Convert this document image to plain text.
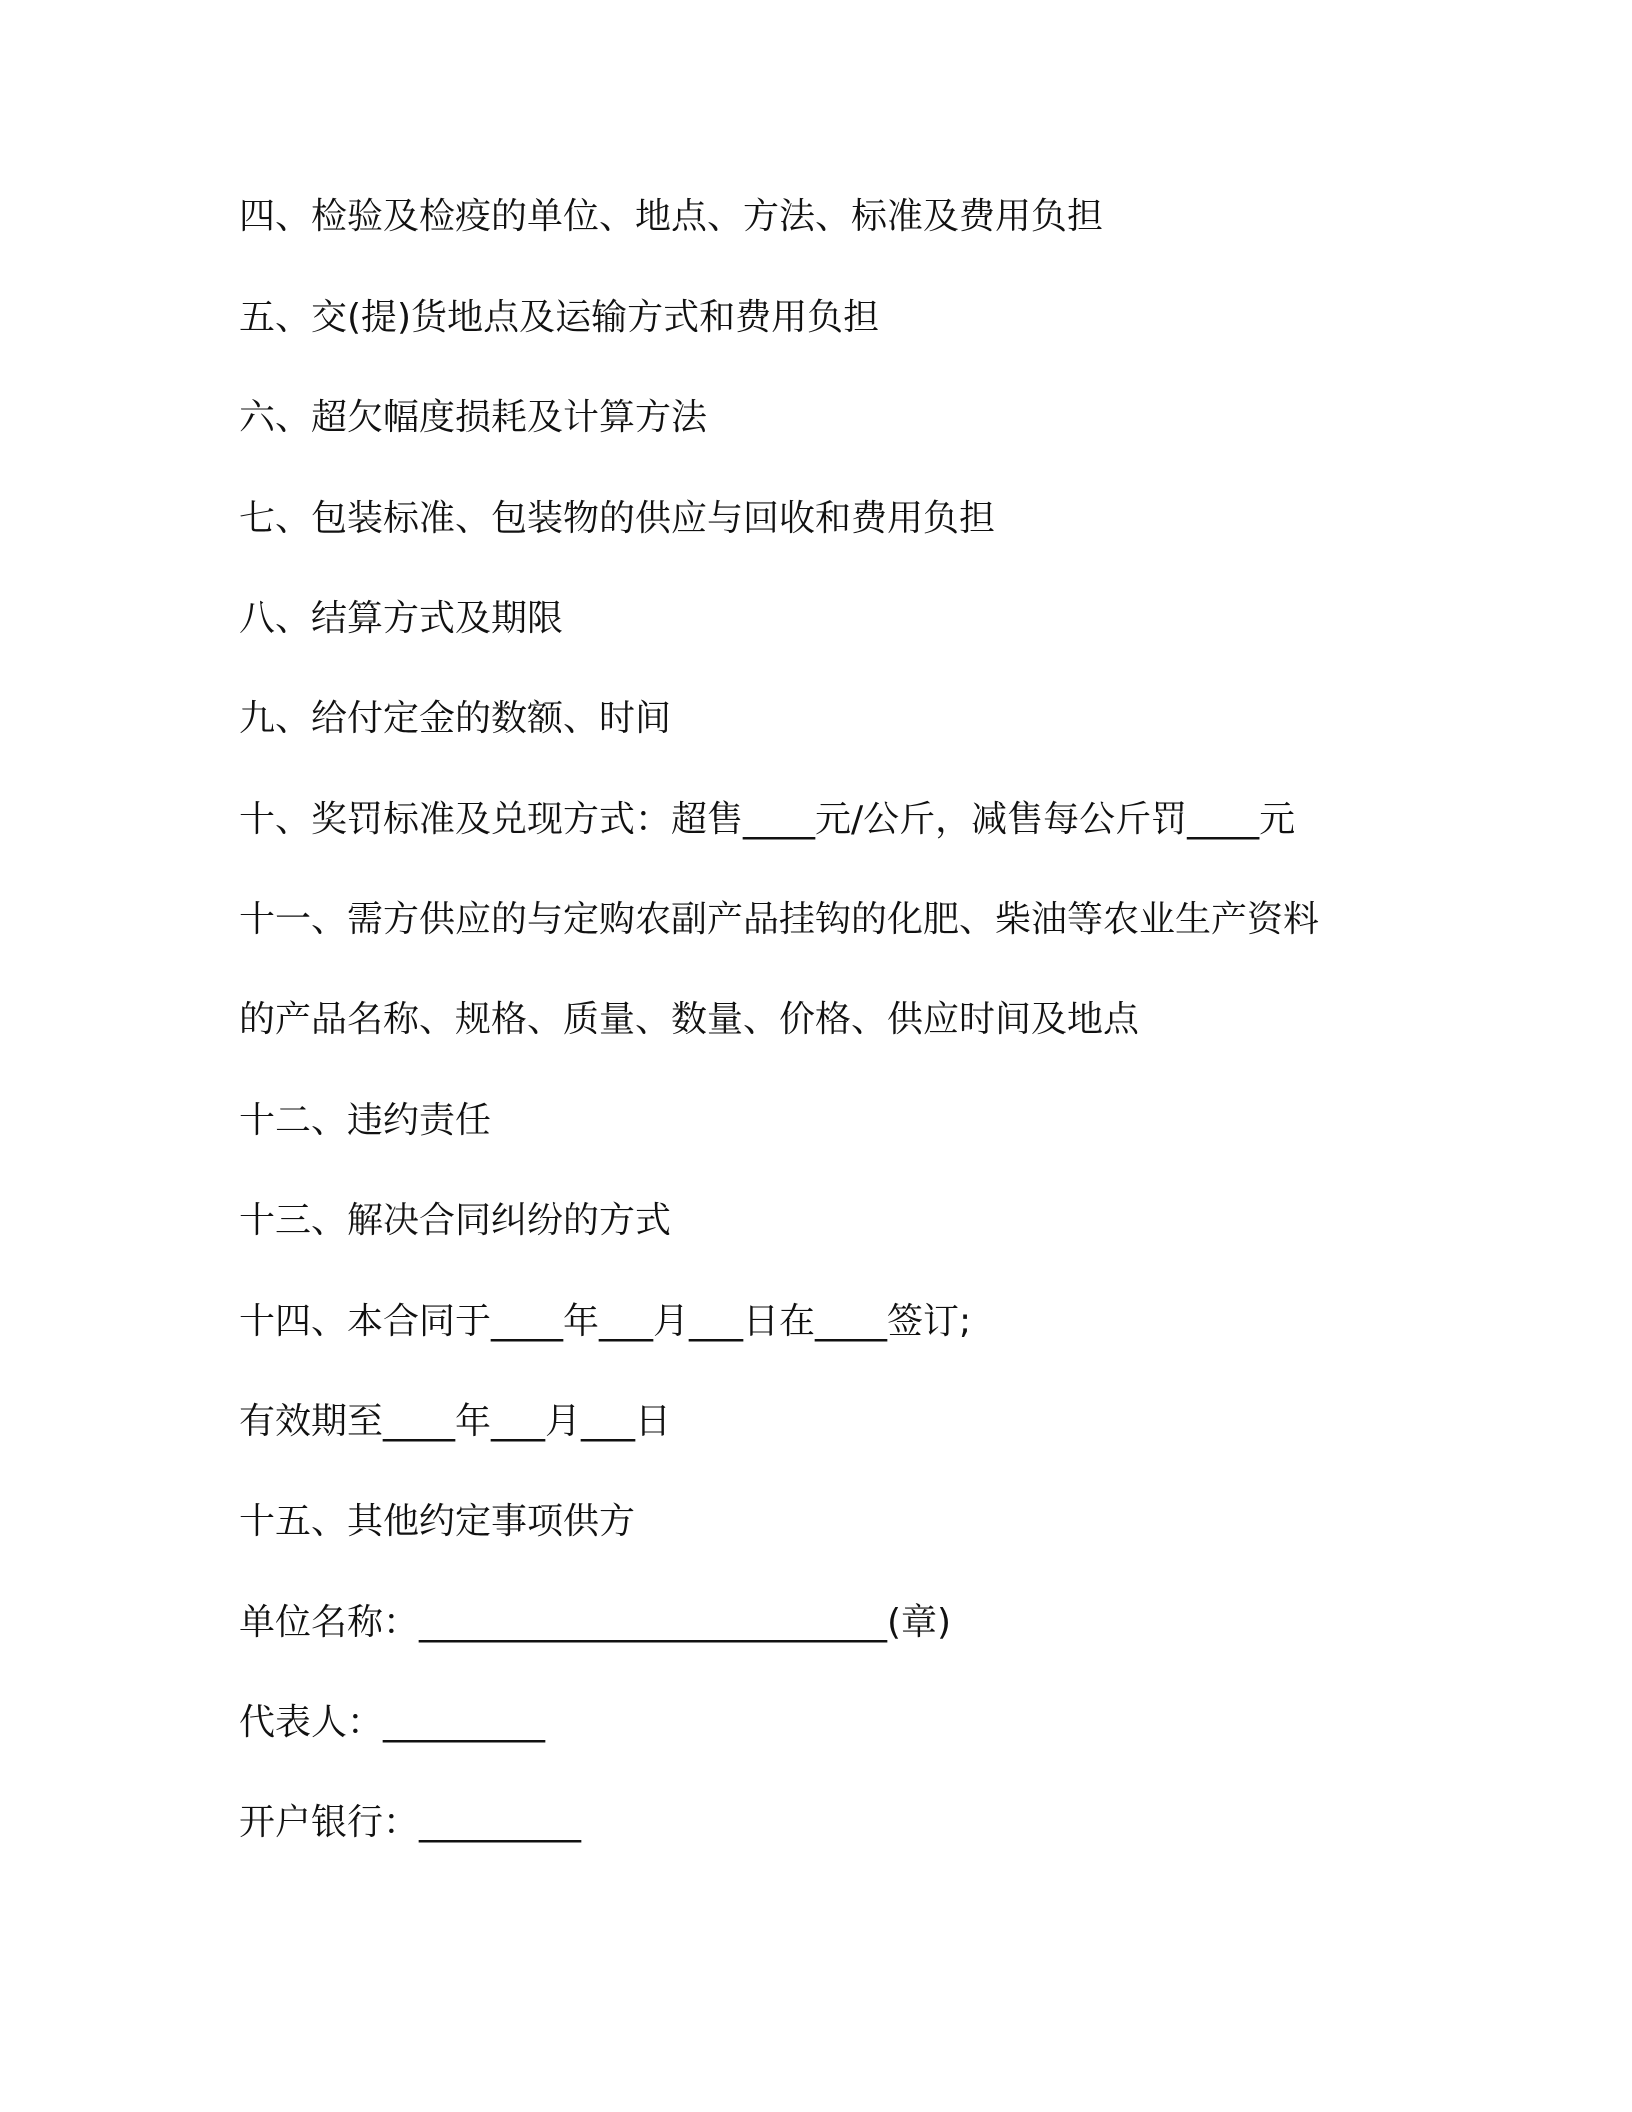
四、检验及检疫的单位、地点、方法、标准及费用负担

五、交(提)货地点及运输方式和费用负担

六、超欠幅度损耗及计算方法

七、包装标准、包装物的供应与回收和费用负担

八、结算方式及期限

九、给付定金的数额、时间

十、奖罚标准及兑现方式：超售____元/公斤，减售每公斤罚____元

十一、需方供应的与定购农副产品挂钩的化肥、柴油等农业生产资料

的产品名称、规格、质量、数量、价格、供应时间及地点

十二、违约责任

十三、解决合同纠纷的方式

十四、本合同于____年___月___日在____签订;

有效期至____年___月___日

十五、其他约定事项供方

单位名称：__________________________(章)

代表人：_________

开户银行：_________
